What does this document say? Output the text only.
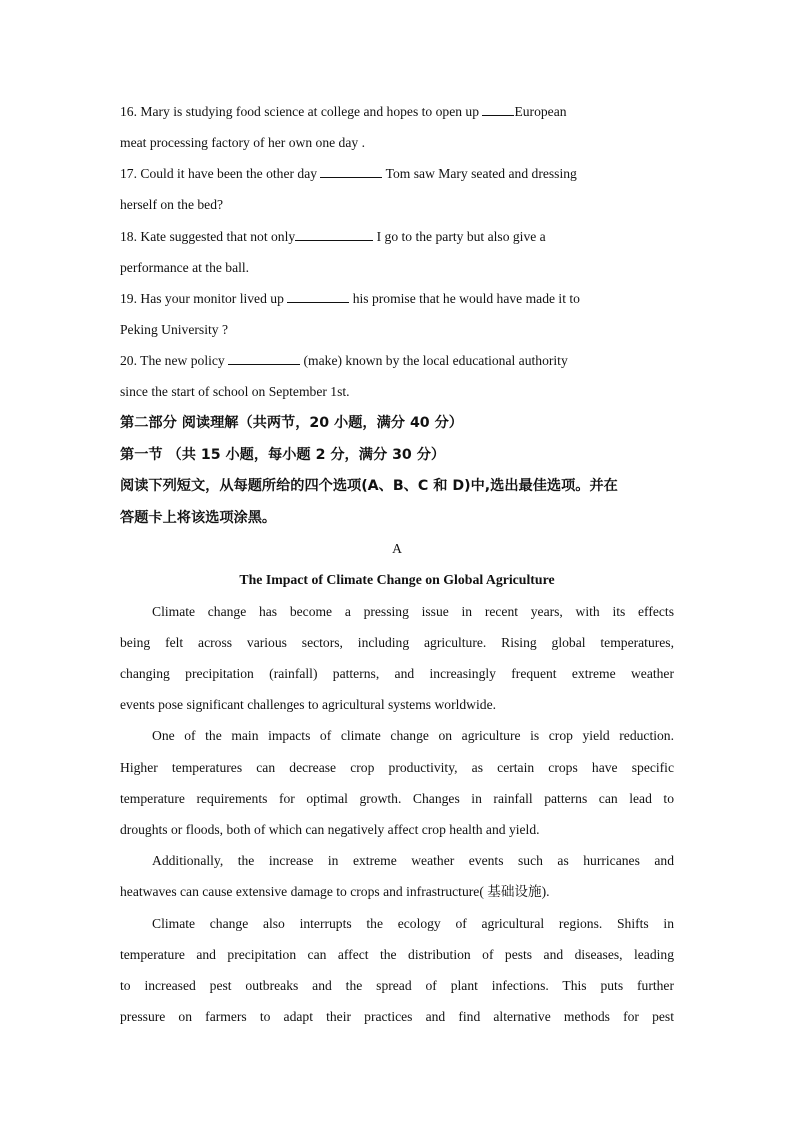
16. Mary is studying food science at college and hopes to open up	European
meat processing factory of her own one day .
17. Could it have been the other day	Tom saw Mary seated and dressing
herself on the bed?
18. Kate suggested that not only	I go to the party but also give a
performance at the ball.
19. Has your monitor lived up	his promise that he would have made it to
Peking University ?
20. The new policy	(make) known by the local educational authority
since the start of school on September 1st.
第二部分 阅读理解（共两节，20 小题，满分 40 分）
第一节 （共 15 小题，每小题 2 分，满分 30 分）
阅读下列短文，从每题所给的四个选项(A、B、C 和 D)中,选出最佳选项。并在
答题卡上将该选项涂黑。
A
The Impact of Climate Change on Global Agriculture
Climate change has become a pressing issue in recent years, with its effects
being felt across various sectors, including agriculture. Rising global temperatures,
changing precipitation (rainfall) patterns, and increasingly frequent extreme weather
events pose significant challenges to agricultural systems worldwide.
One of the main impacts of climate change on agriculture is crop yield reduction.
Higher temperatures can decrease crop productivity, as certain crops have specific
temperature requirements for optimal growth. Changes in rainfall patterns can lead to
droughts or floods, both of which can negatively affect crop health and yield.
Additionally, the increase in extreme weather events such as hurricanes and
heatwaves can cause extensive damage to crops and infrastructure( 基础设施).
Climate change also interrupts the ecology of agricultural regions. Shifts in
temperature and precipitation can affect the distribution of pests and diseases, leading
to increased pest outbreaks and the spread of plant infections. This puts further
pressure on farmers to adapt their practices and find alternative methods for pest
